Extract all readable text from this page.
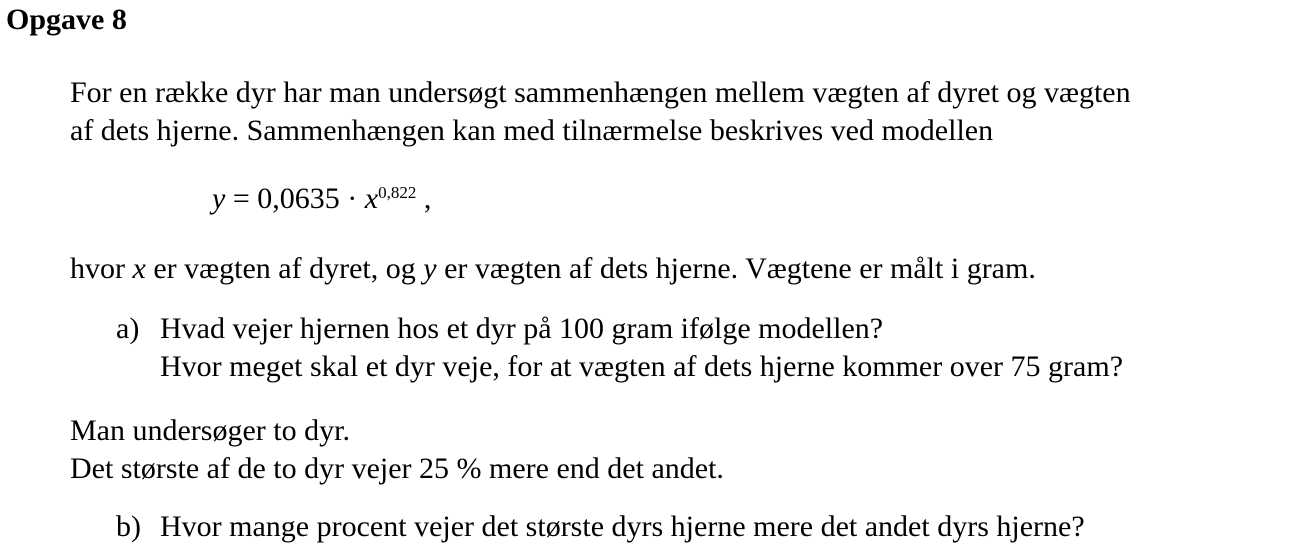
Opgave 8
For en række dyr har man undersøgt sammenhængen mellem vægten af dyret og vægten
af dets hjerne. Sammenhængen kan med tilnærmelse beskrives ved modellen
$y = 0,0635 \cdot x^{0,822}$ ,
hvor x er vægten af dyret, og y er vægten af dets hjerne. Vægtene er målt i gram.
a) Hvad vejer hjernen hos et dyr på 100 gram ifølge modellen?
Hvor meget skal et dyr veje, for at vægten af dets hjerne kommer over 75 gram?
Man undersøger to dyr.
Det største af de to dyr vejer 25 % mere end det andet.
b) Hvor mange procent vejer det største dyrs hjerne mere det andet dyrs hjerne?
